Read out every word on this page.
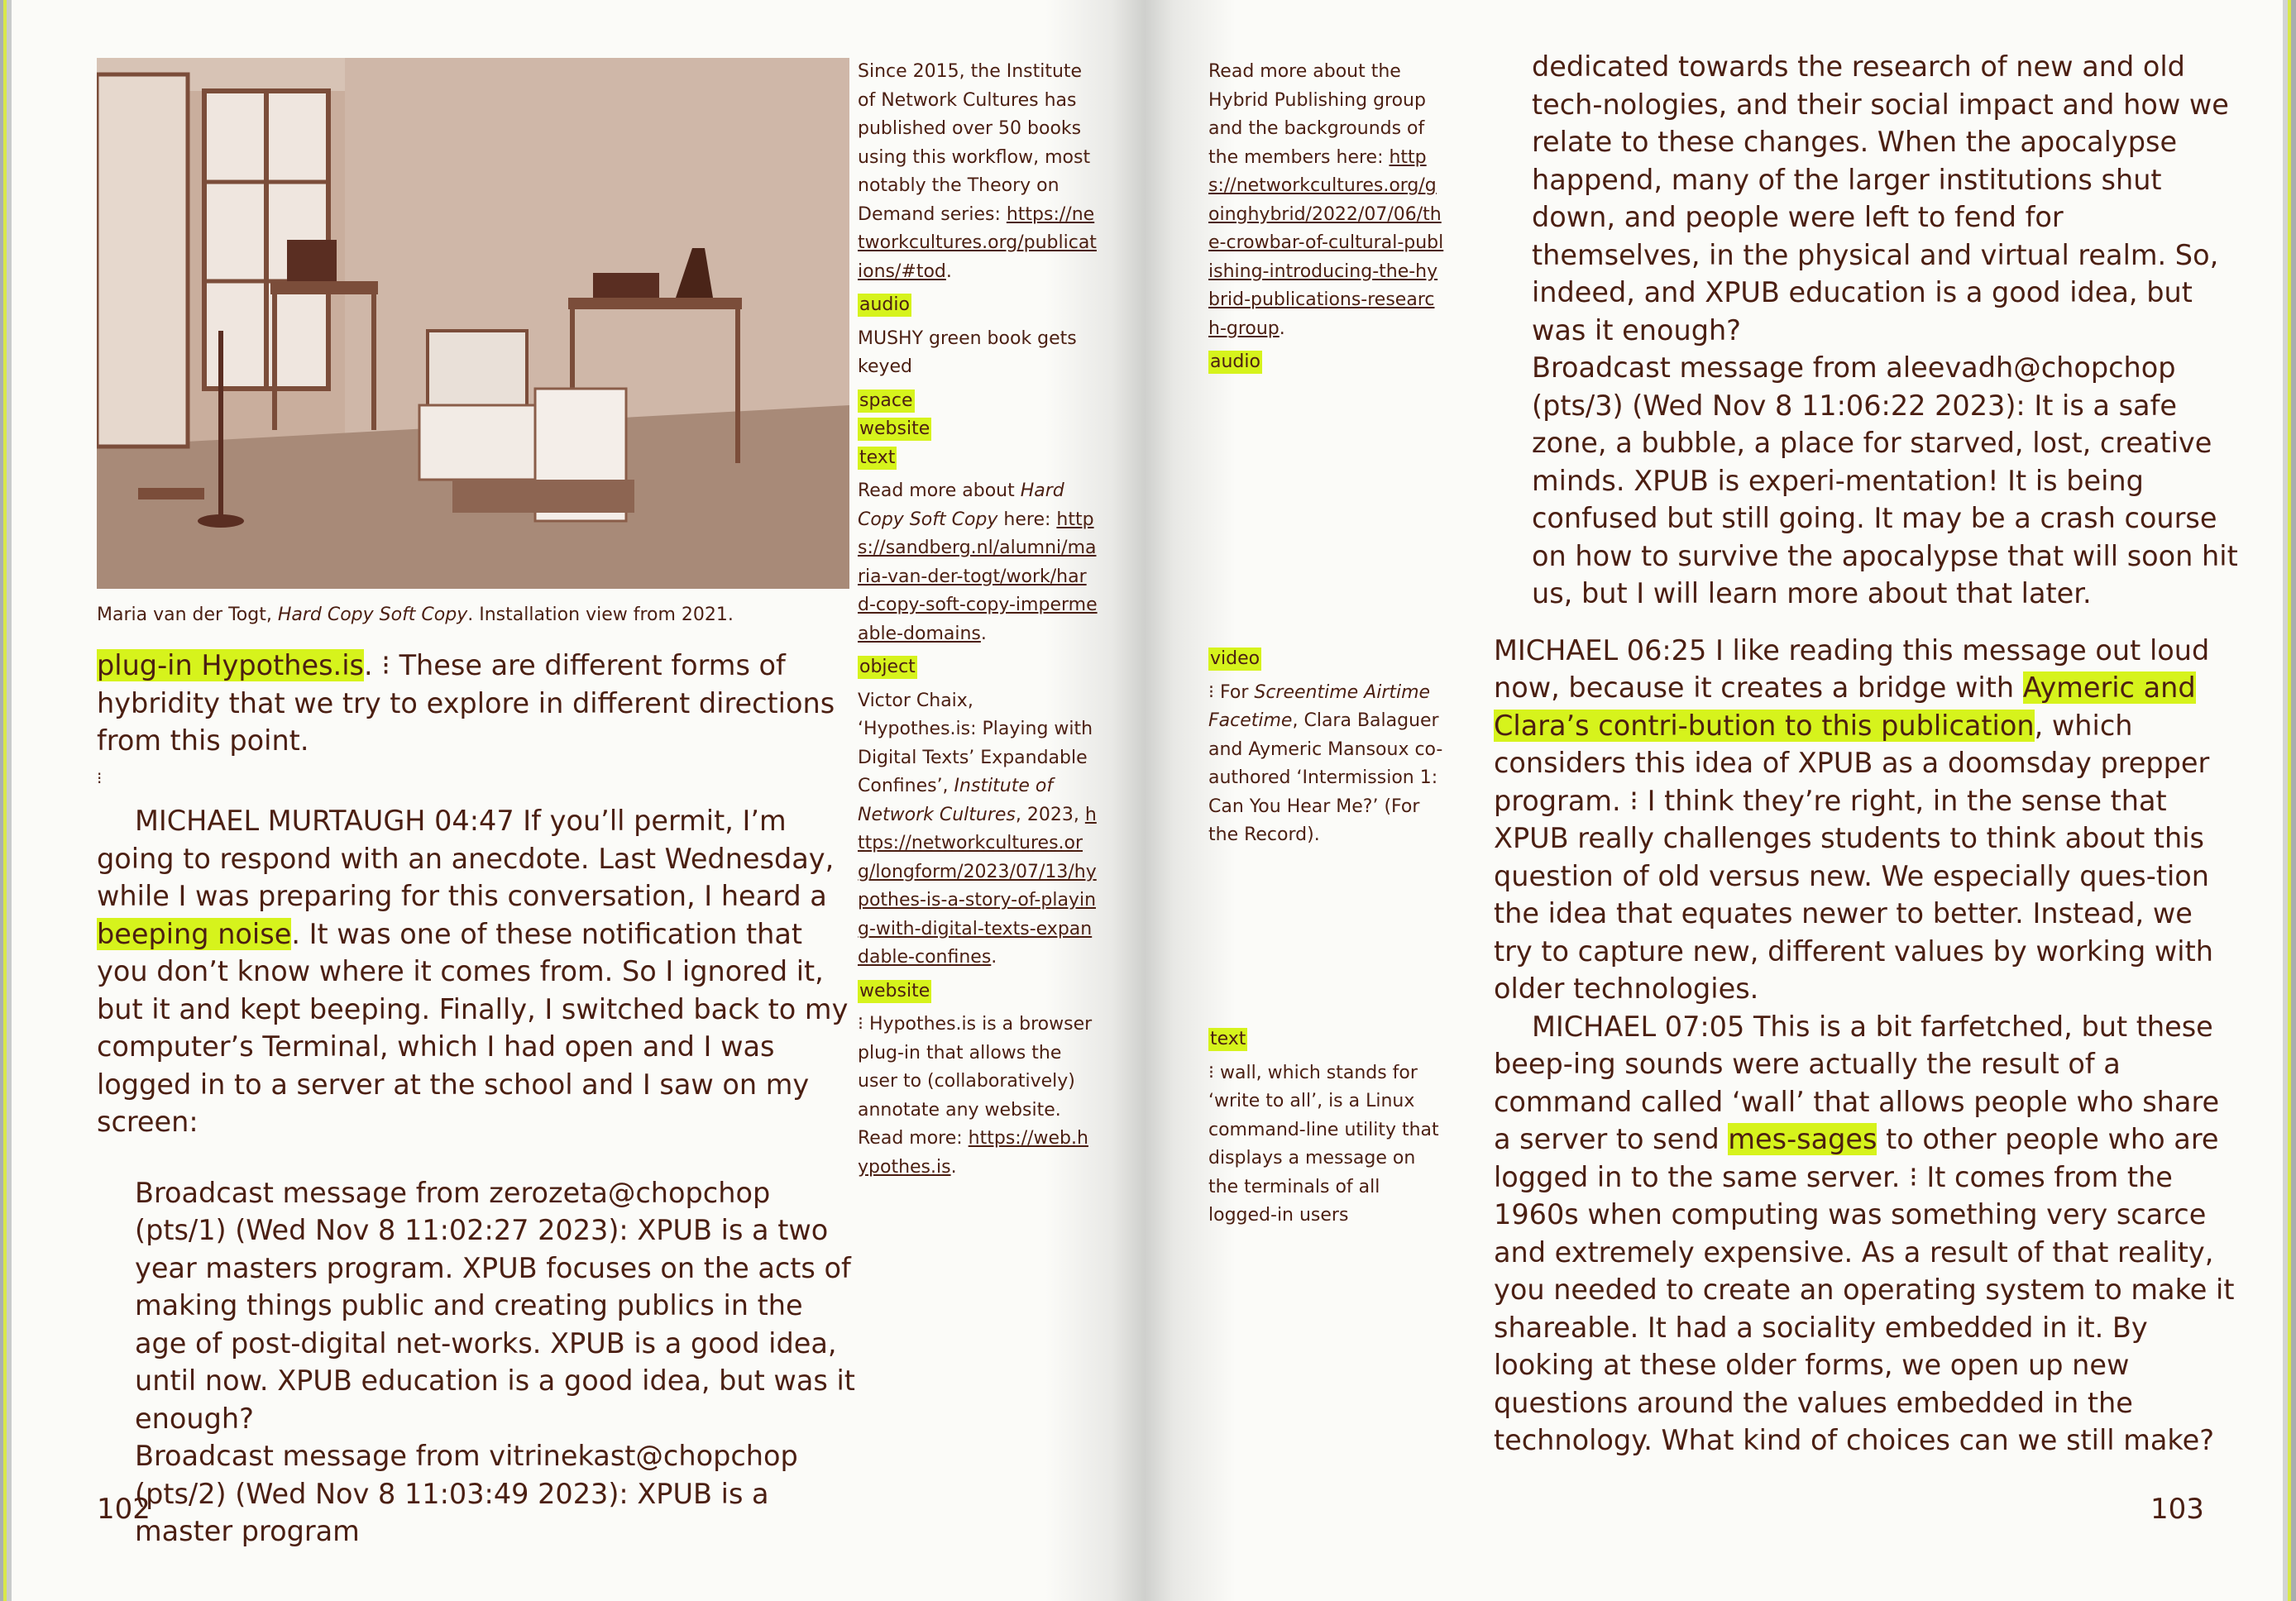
Maria van der Togt, Hard Copy Soft Copy. Installation view from 2021.

plug-in Hypothes.is. ⁝ These are different forms of hybridity that we try to explore in different directions from this point.

⁝

MICHAEL MURTAUGH 04:47 If you’ll permit, I’m going to respond with an anecdote. Last Wednesday, while I was preparing for this conversation, I heard a beeping noise. It was one of these notification that you don’t know where it comes from. So I ignored it, but it and kept beeping. Finally, I switched back to my computer’s Terminal, which I had open and I was logged in to a server at the school and I saw on my screen:

Broadcast message from zerozeta@chopchop (pts/1) (Wed Nov 8 11:02:27 2023): XPUB is a two year masters program. XPUB focuses on the acts of making things public and creating publics in the age of post-digital net-works. XPUB is a good idea, until now. XPUB education is a good idea, but was it enough?

Broadcast message from vitrinekast@chopchop (pts/2) (Wed Nov 8 11:03:49 2023): XPUB is a master program

Since 2015, the Institute of Network Cultures has published over 50 books using this workflow, most notably the Theory on Demand series: https://networkcultures.org/publications/#tod.
audio
MUSHY green book gets keyed
space
website
text
Read more about Hard Copy Soft Copy here: https://sandberg.nl/alumni/maria-van-der-togt/work/hard-copy-soft-copy-impermeable-domains.
object
Victor Chaix, ‘Hypothes.is: Playing with Digital Texts’ Expandable Confines’, Institute of Network Cultures, 2023, https://networkcultures.org/longform/2023/07/13/hypothes-is-a-story-of-playing-with-digital-texts-expandable-confines.
website
⁝ Hypothes.is is a browser plug-in that allows the user to (collaboratively) annotate any website. Read more: https://web.hypothes.is.
102
Read more about the Hybrid Publishing group and the backgrounds of the members here: https://networkcultures.org/goinghybrid/2022/07/06/the-crowbar-of-cultural-publishing-introducing-the-hybrid-publications-research-group.
audio
video
⁝ For Screentime Airtime Facetime, Clara Balaguer and Aymeric Mansoux co-authored ‘Intermission 1: Can You Hear Me?’ (For the Record).
text
⁝ wall, which stands for ‘write to all’, is a Linux command-line utility that displays a message on the terminals of all logged-in users

dedicated towards the research of new and old tech-nologies, and their social impact and how we relate to these changes. When the apocalypse happend, many of the larger institutions shut down, and people were left to fend for themselves, in the physical and virtual realm. So, indeed, and XPUB education is a good idea, but was it enough?

Broadcast message from aleevadh@chopchop (pts/3) (Wed Nov 8 11:06:22 2023): It is a safe zone, a bubble, a place for starved, lost, creative minds. XPUB is experi-mentation! It is being confused but still going. It may be a crash course on how to survive the apocalypse that will soon hit us, but I will learn more about that later.

MICHAEL 06:25 I like reading this message out loud now, because it creates a bridge with Aymeric and Clara’s contri-bution to this publication, which considers this idea of XPUB as a doomsday prepper program. ⁝ I think they’re right, in the sense that XPUB really challenges students to think about this question of old versus new. We especially ques-tion the idea that equates newer to better. Instead, we try to capture new, different values by working with older technologies.

MICHAEL 07:05 This is a bit farfetched, but these beep-ing sounds were actually the result of a command called ‘wall’ that allows people who share a server to send mes-sages to other people who are logged in to the same server. ⁝ It comes from the 1960s when computing was something very scarce and extremely expensive. As a result of that reality, you needed to create an operating system to make it shareable. It had a sociality embedded in it. By looking at these older forms, we open up new questions around the values embedded in the technology. What kind of choices can we still make?

103
